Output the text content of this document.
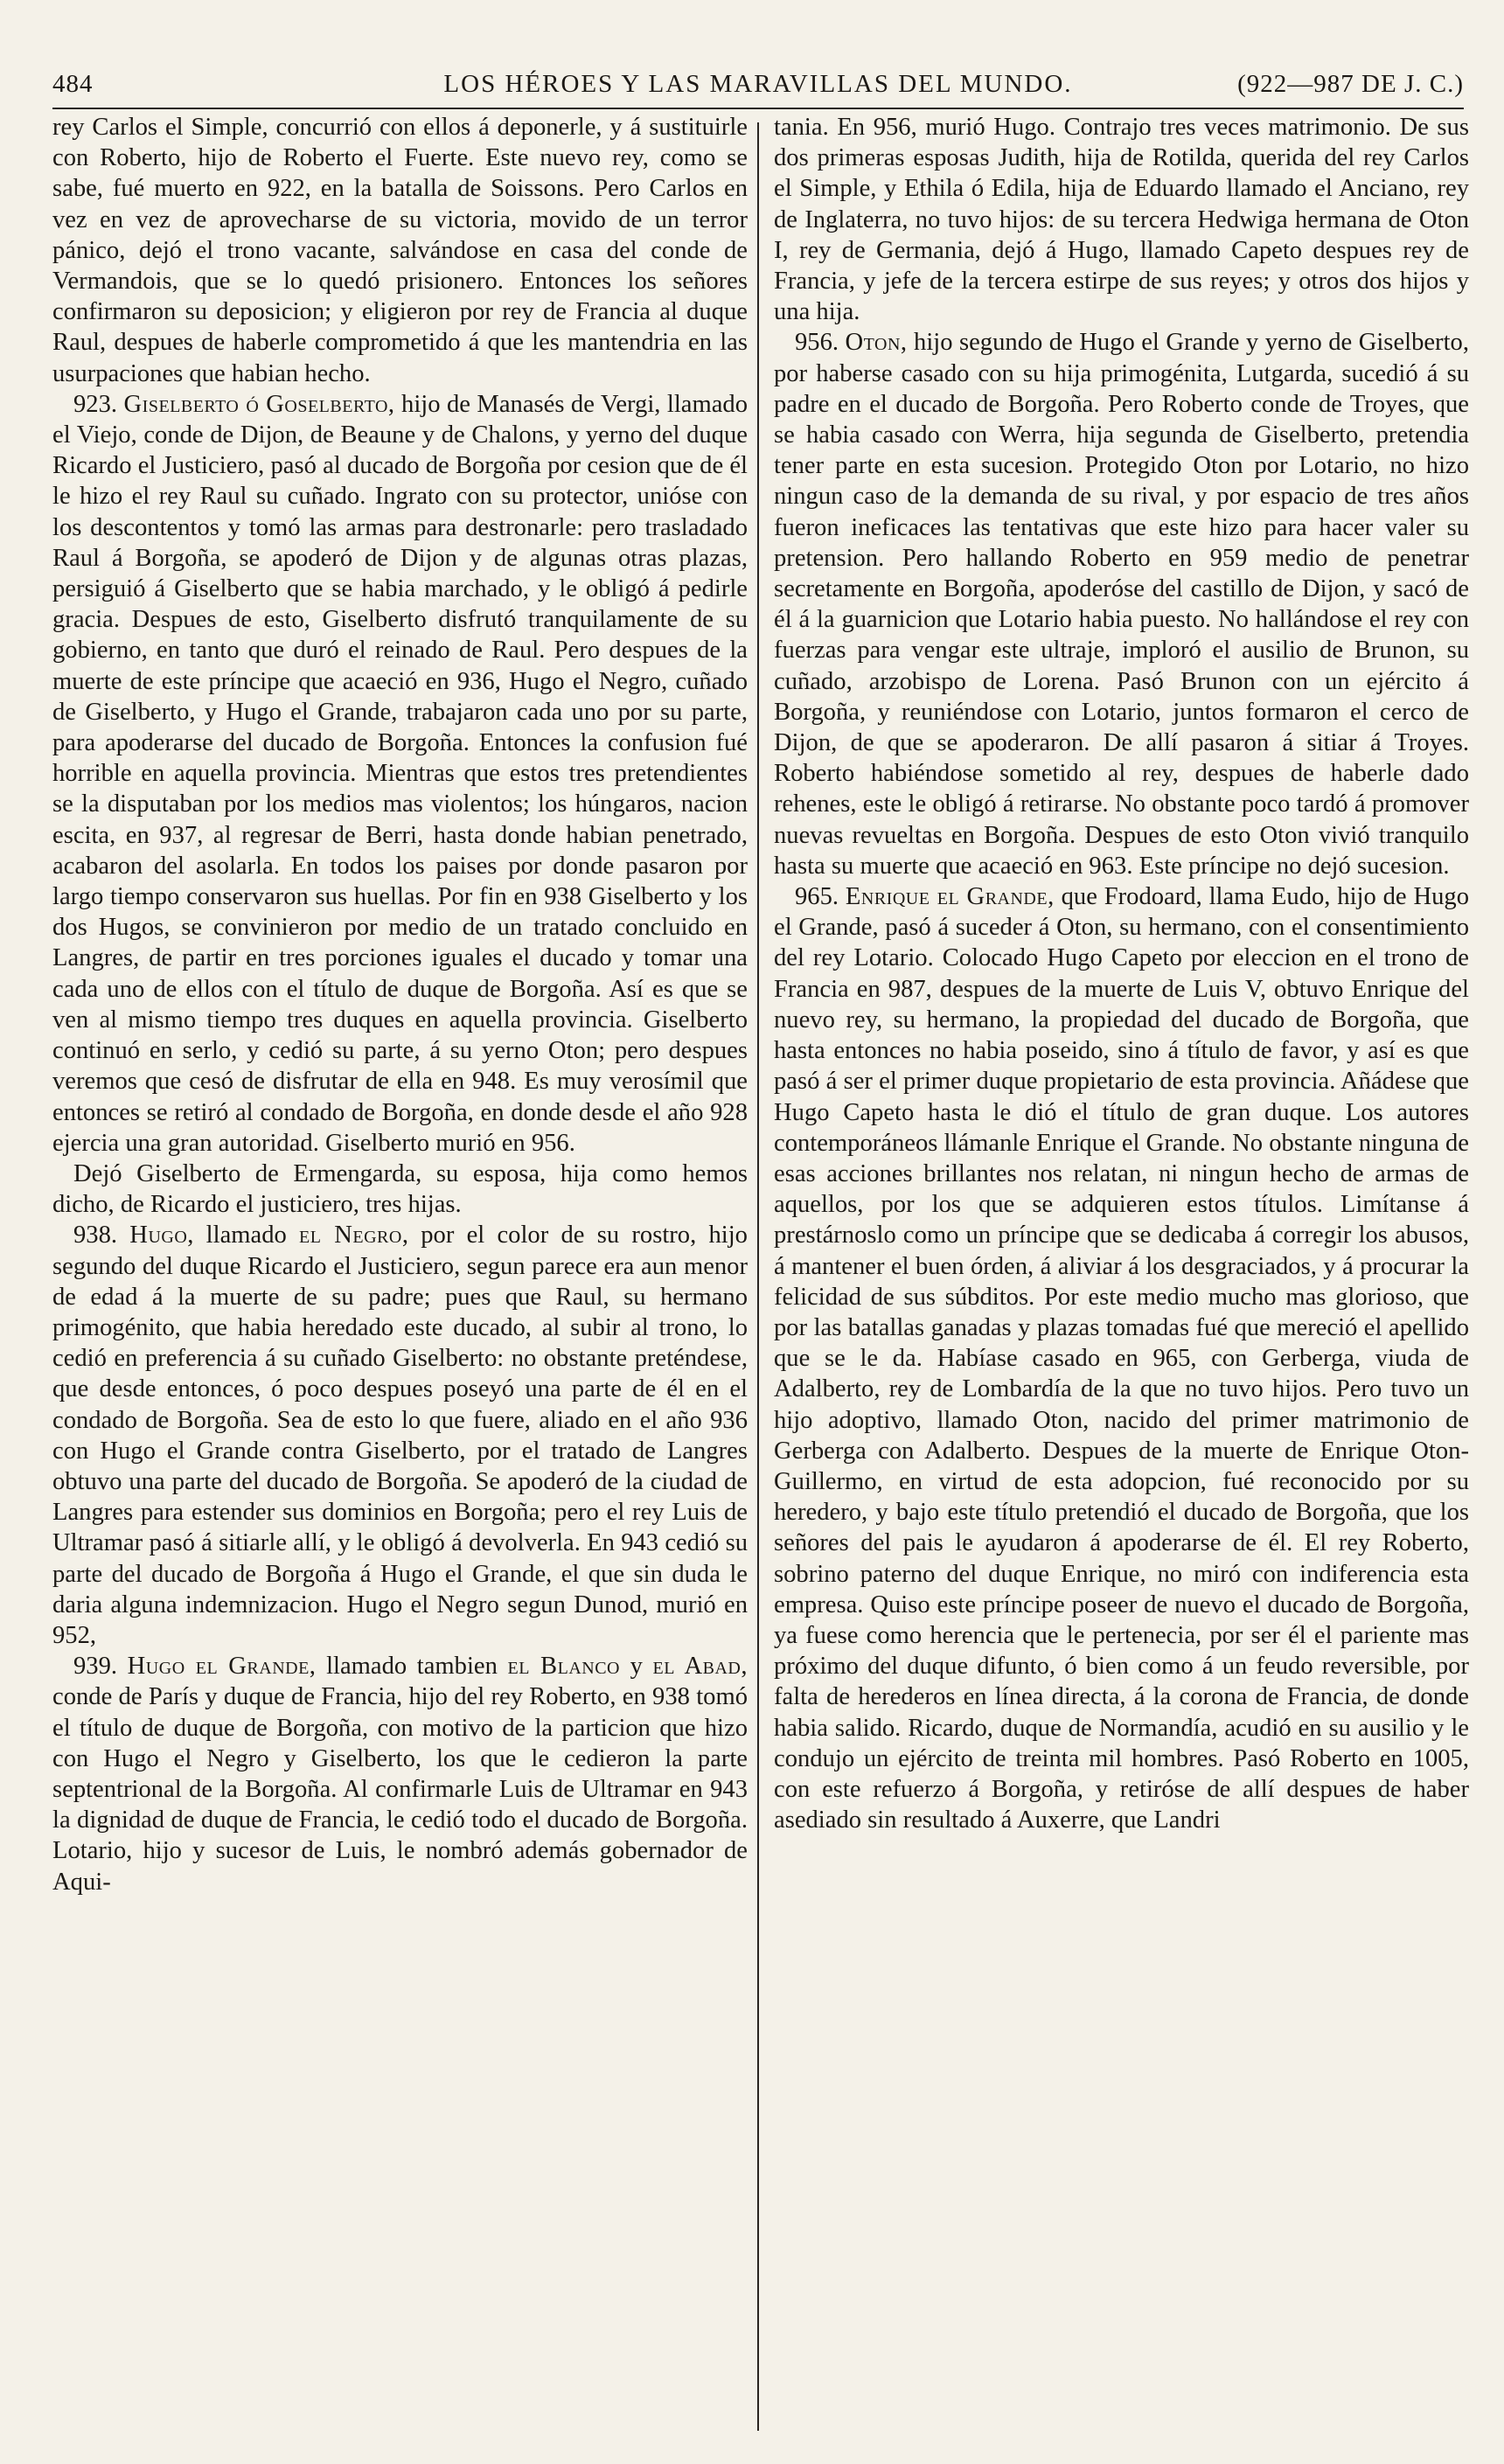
484	LOS HÉROES Y LAS MARAVILLAS DEL MUNDO.	(922—987 DE J. C.)

rey Carlos el Simple, concurrió con ellos á deponerle, y á sustituirle con Roberto, hijo de Roberto el Fuerte. Este nuevo rey, como se sabe, fué muerto en 922, en la batalla de Soissons. Pero Carlos en vez en vez de aprovecharse de su victoria, movido de un terror pánico, dejó el trono vacante, salvándose en casa del conde de Vermandois, que se lo quedó prisionero. Entonces los señores confirmaron su deposicion; y eligieron por rey de Francia al duque Raul, despues de haberle comprometido á que les mantendria en las usurpaciones que habian hecho.

923. Giselberto ó Goselberto, hijo de Manasés de Vergi, llamado el Viejo, conde de Dijon, de Beaune y de Chalons, y yerno del duque Ricardo el Justiciero, pasó al ducado de Borgoña por cesion que de él le hizo el rey Raul su cuñado. Ingrato con su protector, unióse con los descontentos y tomó las armas para destronarle: pero trasladado Raul á Borgoña, se apoderó de Dijon y de algunas otras plazas, persiguió á Giselberto que se habia marchado, y le obligó á pedirle gracia. Despues de esto, Giselberto disfrutó tranquilamente de su gobierno, en tanto que duró el reinado de Raul. Pero despues de la muerte de este príncipe que acaeció en 936, Hugo el Negro, cuñado de Giselberto, y Hugo el Grande, trabajaron cada uno por su parte, para apoderarse del ducado de Borgoña. Entonces la confusion fué horrible en aquella provincia. Mientras que estos tres pretendientes se la disputaban por los medios mas violentos; los húngaros, nacion escita, en 937, al regresar de Berri, hasta donde habian penetrado, acabaron del asolarla. En todos los paises por donde pasaron por largo tiempo conservaron sus huellas. Por fin en 938 Giselberto y los dos Hugos, se convinieron por medio de un tratado concluido en Langres, de partir en tres porciones iguales el ducado y tomar una cada uno de ellos con el título de duque de Borgoña. Así es que se ven al mismo tiempo tres duques en aquella provincia. Giselberto continuó en serlo, y cedió su parte, á su yerno Oton; pero despues veremos que cesó de disfrutar de ella en 948. Es muy verosímil que entonces se retiró al condado de Borgoña, en donde desde el año 928 ejercia una gran autoridad. Giselberto murió en 956.

Dejó Giselberto de Ermengarda, su esposa, hija como hemos dicho, de Ricardo el justiciero, tres hijas.

938. Hugo, llamado el Negro, por el color de su rostro, hijo segundo del duque Ricardo el Justiciero, segun parece era aun menor de edad á la muerte de su padre; pues que Raul, su hermano primogénito, que habia heredado este ducado, al subir al trono, lo cedió en preferencia á su cuñado Giselberto: no obstante preténdese, que desde entonces, ó poco despues poseyó una parte de él en el condado de Borgoña. Sea de esto lo que fuere, aliado en el año 936 con Hugo el Grande contra Giselberto, por el tratado de Langres obtuvo una parte del ducado de Borgoña. Se apoderó de la ciudad de Langres para estender sus dominios en Borgoña; pero el rey Luis de Ultramar pasó á sitiarle allí, y le obligó á devolverla. En 943 cedió su parte del ducado de Borgoña á Hugo el Grande, el que sin duda le daria alguna indemnizacion. Hugo el Negro segun Dunod, murió en 952,

939. Hugo el Grande, llamado tambien el Blanco y el Abad, conde de París y duque de Francia, hijo del rey Roberto, en 938 tomó el título de duque de Borgoña, con motivo de la particion que hizo con Hugo el Negro y Giselberto, los que le cedieron la parte septentrional de la Borgoña. Al confirmarle Luis de Ultramar en 943 la dignidad de duque de Francia, le cedió todo el ducado de Borgoña. Lotario, hijo y sucesor de Luis, le nombró además gobernador de Aqui-

tania. En 956, murió Hugo. Contrajo tres veces matrimonio. De sus dos primeras esposas Judith, hija de Rotilda, querida del rey Carlos el Simple, y Ethila ó Edila, hija de Eduardo llamado el Anciano, rey de Inglaterra, no tuvo hijos: de su tercera Hedwiga hermana de Oton I, rey de Germania, dejó á Hugo, llamado Capeto despues rey de Francia, y jefe de la tercera estirpe de sus reyes; y otros dos hijos y una hija.

956. Oton, hijo segundo de Hugo el Grande y yerno de Giselberto, por haberse casado con su hija primogénita, Lutgarda, sucedió á su padre en el ducado de Borgoña. Pero Roberto conde de Troyes, que se habia casado con Werra, hija segunda de Giselberto, pretendia tener parte en esta sucesion. Protegido Oton por Lotario, no hizo ningun caso de la demanda de su rival, y por espacio de tres años fueron ineficaces las tentativas que este hizo para hacer valer su pretension. Pero hallando Roberto en 959 medio de penetrar secretamente en Borgoña, apoderóse del castillo de Dijon, y sacó de él á la guarnicion que Lotario habia puesto. No hallándose el rey con fuerzas para vengar este ultraje, imploró el ausilio de Brunon, su cuñado, arzobispo de Lorena. Pasó Brunon con un ejército á Borgoña, y reuniéndose con Lotario, juntos formaron el cerco de Dijon, de que se apoderaron. De allí pasaron á sitiar á Troyes. Roberto habiéndose sometido al rey, despues de haberle dado rehenes, este le obligó á retirarse. No obstante poco tardó á promover nuevas revueltas en Borgoña. Despues de esto Oton vivió tranquilo hasta su muerte que acaeció en 963. Este príncipe no dejó sucesion.

965. Enrique el Grande, que Frodoard, llama Eudo, hijo de Hugo el Grande, pasó á suceder á Oton, su hermano, con el consentimiento del rey Lotario. Colocado Hugo Capeto por eleccion en el trono de Francia en 987, despues de la muerte de Luis V, obtuvo Enrique del nuevo rey, su hermano, la propiedad del ducado de Borgoña, que hasta entonces no habia poseido, sino á título de favor, y así es que pasó á ser el primer duque propietario de esta provincia. Añádese que Hugo Capeto hasta le dió el título de gran duque. Los autores contemporáneos llámanle Enrique el Grande. No obstante ninguna de esas acciones brillantes nos relatan, ni ningun hecho de armas de aquellos, por los que se adquieren estos títulos. Limítanse á prestárnoslo como un príncipe que se dedicaba á corregir los abusos, á mantener el buen órden, á aliviar á los desgraciados, y á procurar la felicidad de sus súbditos. Por este medio mucho mas glorioso, que por las batallas ganadas y plazas tomadas fué que mereció el apellido que se le da. Habíase casado en 965, con Gerberga, viuda de Adalberto, rey de Lombardía de la que no tuvo hijos. Pero tuvo un hijo adoptivo, llamado Oton, nacido del primer matrimonio de Gerberga con Adalberto. Despues de la muerte de Enrique Oton-Guillermo, en virtud de esta adopcion, fué reconocido por su heredero, y bajo este título pretendió el ducado de Borgoña, que los señores del pais le ayudaron á apoderarse de él. El rey Roberto, sobrino paterno del duque Enrique, no miró con indiferencia esta empresa. Quiso este príncipe poseer de nuevo el ducado de Borgoña, ya fuese como herencia que le pertenecia, por ser él el pariente mas próximo del duque difunto, ó bien como á un feudo reversible, por falta de herederos en línea directa, á la corona de Francia, de donde habia salido. Ricardo, duque de Normandía, acudió en su ausilio y le condujo un ejército de treinta mil hombres. Pasó Roberto en 1005, con este refuerzo á Borgoña, y retiróse de allí despues de haber asediado sin resultado á Auxerre, que Landri
